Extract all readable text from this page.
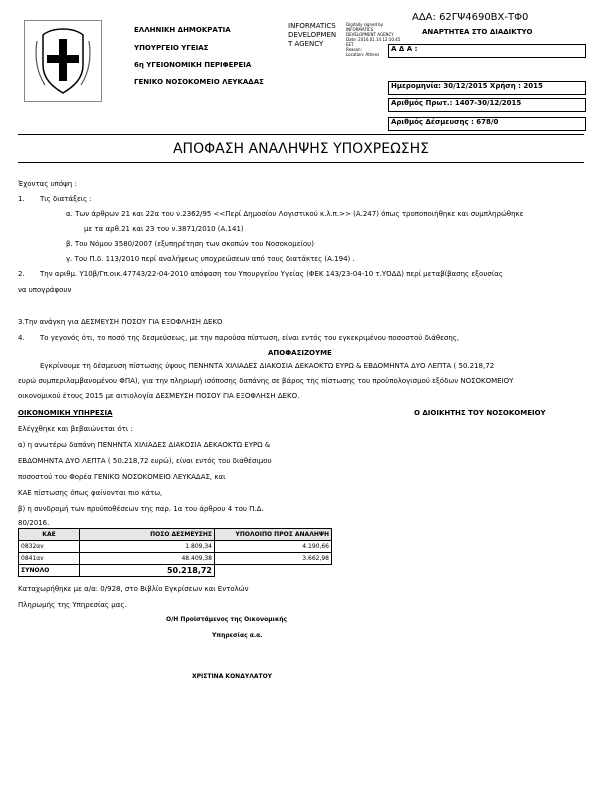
ΑΔΑ: 62ΓΨ4690ΒΧ-ΤΦ0
ΕΛΛΗΝΙΚΗ ΔΗΜΟΚΡΑΤΙΑ
ΥΠΟΥΡΓΕΙΟ ΥΓΕΙΑΣ
6η ΥΓΕΙΟΝΟΜΙΚΗ ΠΕΡΙΦΕΡΕΙΑ
ΓΕΝΙΚΟ ΝΟΣΟΚΟΜΕΙΟ ΛΕΥΚΑΔΑΣ
INFORMATICS
DEVELOPMEN
T AGENCY
Digitally signed by
INFORMATICS
DEVELOPMENT AGENCY
Date: 2016.01.14 12:10:45
EET
Reason:
Location: Athens
ΑΝΑΡΤΗΤΕΑ ΣΤΟ ΔΙΑΔΙΚΤΥΟ
Α Δ Α :
Ημερομηνία: 30/12/2015 Χρήση : 2015
Αριθμός Πρωτ.: 1407-30/12/2015
Αριθμός Δέσμευσης : 678/0
ΑΠΟΦΑΣΗ ΑΝΑΛΗΨΗΣ ΥΠΟΧΡΕΩΣΗΣ
Έχοντας υπόψη :
1. Τις διατάξεις :
α. Των άρθρων 21 και 22α του ν.2362/95 <<Περί Δημοσίου Λογιστικού κ.λ.π.>> (Α.247) όπως τροποποιήθηκε και συμπληρώθηκε
με τα αρθ.21 και 23 του ν.3871/2010 (Α.141)
β. Του Νόμου 3580/2007 (εξυπηρέτηση των σκοπών του Νοσοκομείου)
γ. Του Π.δ. 113/2010 περί αναλήψεως υποχρεώσεων από τους διατάκτες (Α.194) .
2. Την αριθμ. Υ10β/Γπ.οικ.47743/22-04-2010 απόφαση του Υπουργείου Υγείας (ΦΕΚ 143/23-04-10 τ.ΥΟΔΔ) περί μεταβίβασης εξουσίας
να υπογράφουν
3.Την ανάγκη για ΔΕΣΜΕΥΣΗ ΠΟΣΟΥ ΓΙΑ ΕΞΟΦΛΗΣΗ ΔΕΚΟ
4. Το γεγονός ότι, το ποσό της δεσμεύσεως, με την παρούσα πίστωση, είναι εντός του εγκεκριμένου ποσοστού διάθεσης,
ΑΠΟΦΑΣΙΖΟΥΜΕ
Εγκρίνουμε τη δέσμευση πίστωσης ύψους ΠΕΝΗΝΤΑ ΧΙΛΙΑΔΕΣ ΔΙΑΚΟΣΙΑ ΔΕΚΑΟΚΤΩ ΕΥΡΩ & ΕΒΔΟΜΗΝΤΑ ΔΥΟ ΛΕΠΤΑ ( 50.218,72
ευρώ συμπεριλαμβανομένου ΦΠΑ), για την πληρωμή ισόποσης δαπάνης σε βάρος της πίστωσης του προϋπολογισμού εξόδων ΝΟΣΟΚΟΜΕΙΟΥ
οικονομικού έτους 2015 με αιτιολογία ΔΕΣΜΕΥΣΗ ΠΟΣΟΥ ΓΙΑ ΕΞΟΦΛΗΣΗ ΔΕΚΟ.
ΟΙΚΟΝΟΜΙΚΗ ΥΠΗΡΕΣΙΑ	Ο ΔΙΟΙΚΗΤΗΣ ΤΟΥ ΝΟΣΟΚΟΜΕΙΟΥ
Ελέγχθηκε και βεβαιώνεται ότι :
α) η ανωτέρω δαπάνη ΠΕΝΗΝΤΑ ΧΙΛΙΑΔΕΣ ΔΙΑΚΟΣΙΑ ΔΕΚΑΟΚΤΩ ΕΥΡΩ &
ΕΒΔΟΜΗΝΤΑ ΔΥΟ ΛΕΠΤΑ ( 50.218,72 ευρώ), είναι εντός του διαθέσιμου
ποσοστού του Φορέα ΓΕΝΙΚΟ ΝΟΣΟΚΟΜΕΙΟ ΛΕΥΚΑΔΑΣ, και
ΚΑΕ πίστωσης όπως φαίνονται πιο κάτω,
β) η συνδρομή των προϋποθέσεων της παρ. 1α του άρθρου 4 του Π.Δ.
80/2016.
ΚΑΕ	ΠΟΣΟ ΔΕΣΜΕΥΣΗΣ	ΥΠΟΛΟΙΠΟ ΠΡΟΣ ΑΝΑΛΗΨΗ
0832αν	1.809,34	4.190,66
0841αν	48.409,38	3.662,98
ΣΥΝΟΛΟ	50.218,72	
Καταχωρήθηκε με α/α: 0/928, στο Βιβλίο Εγκρίσεων και Εντολών
Πληρωμής της Υπηρεσίας μας.
Ο/Η Προϊστάμενος της Οικονομικής
Υπηρεσίας α.α.
ΧΡΙΣΤΙΝΑ ΚΟΝΔΥΛΑΤΟΥ
